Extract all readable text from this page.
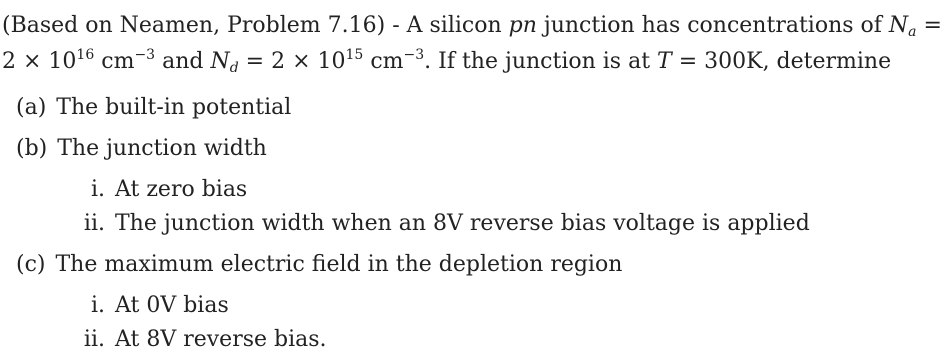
(Based on Neamen, Problem 7.16) - A silicon pn junction has concentrations of $N_a$ =
$2 \times 10^{16}$ $cm^{-3}$ and $N_d = 2 \times 10^{15}$ $cm^{-3}$. If the junction is at T = 300K, determine
(a) The built-in potential
(b) The junction width
i. At zero bias
ii. The junction width when an 8V reverse bias voltage is applied
(c) The maximum electric field in the depletion region
i. At 0V bias
ii. At 8V reverse bias.
